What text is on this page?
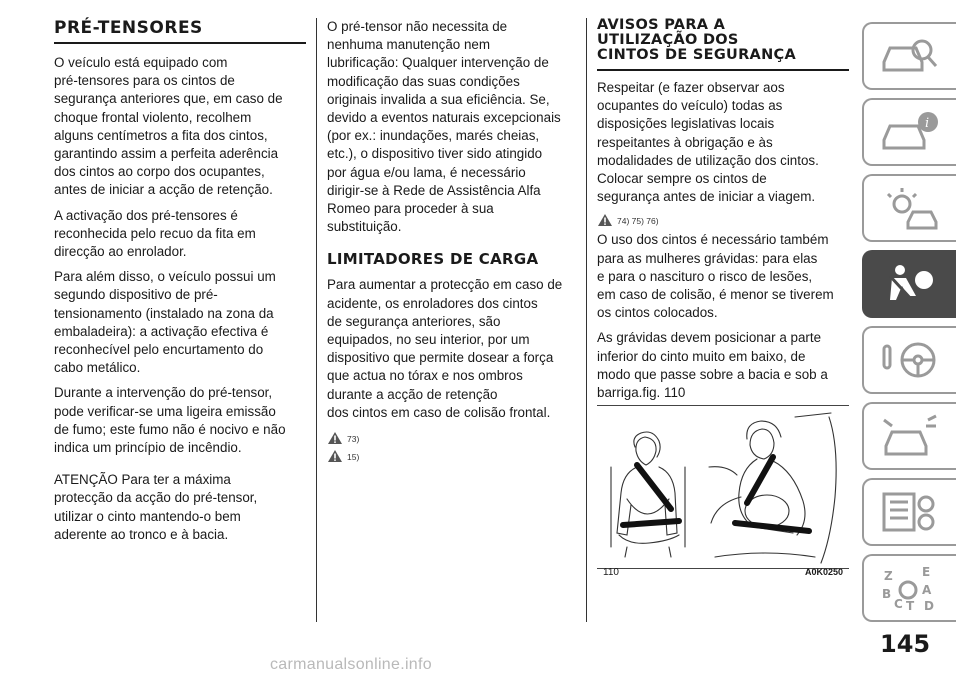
PRÉ-TENSORES

O veículo está equipado com
pré-tensores para os cintos de
segurança anteriores que, em caso de
choque frontal violento, recolhem
alguns centímetros a fita dos cintos,
garantindo assim a perfeita aderência
dos cintos ao corpo dos ocupantes,
antes de iniciar a acção de retenção.

A activação dos pré-tensores é
reconhecida pelo recuo da fita em
direcção ao enrolador.

Para além disso, o veículo possui um
segundo dispositivo de pré-
tensionamento (instalado na zona da
embaladeira): a activação efectiva é
reconhecível pelo encurtamento do
cabo metálico.

Durante a intervenção do pré-tensor,
pode verificar-se uma ligeira emissão
de fumo; este fumo não é nocivo e não
indica um princípio de incêndio.

ATENÇÃO Para ter a máxima
protecção da acção do pré-tensor,
utilizar o cinto mantendo-o bem
aderente ao tronco e à bacia.

O pré-tensor não necessita de
nenhuma manutenção nem
lubrificação: Qualquer intervenção de
modificação das suas condições
originais invalida a sua eficiência. Se,
devido a eventos naturais excepcionais
(por ex.: inundações, marés cheias,
etc.), o dispositivo tiver sido atingido
por água e/ou lama, é necessário
dirigir-se à Rede de Assistência Alfa
Romeo para proceder à sua
substituição.

LIMITADORES DE CARGA

Para aumentar a protecção em caso de
acidente, os enroladores dos cintos
de segurança anteriores, são
equipados, no seu interior, por um
dispositivo que permite dosear a força
que actua no tórax e nos ombros
durante a acção de retenção
dos cintos em caso de colisão frontal.

73)
15)
AVISOS PARA A
UTILIZAÇÃO DOS
CINTOS DE SEGURANÇA

Respeitar (e fazer observar aos
ocupantes do veículo) todas as
disposições legislativas locais
respeitantes à obrigação e às
modalidades de utilização dos cintos.
Colocar sempre os cintos de
segurança antes de iniciar a viagem.

74) 75) 76)

O uso dos cintos é necessário também
para as mulheres grávidas: para elas
e para o nascituro o risco de lesões,
em caso de colisão, é menor se tiverem
os cintos colocados.

As grávidas devem posicionar a parte
inferior do cinto muito em baixo, de
modo que passe sobre a bacia e sob a
barriga.fig. 110

110	A0K0250
i
Z E
B	A
C T D
145
carmanualsonline.info
